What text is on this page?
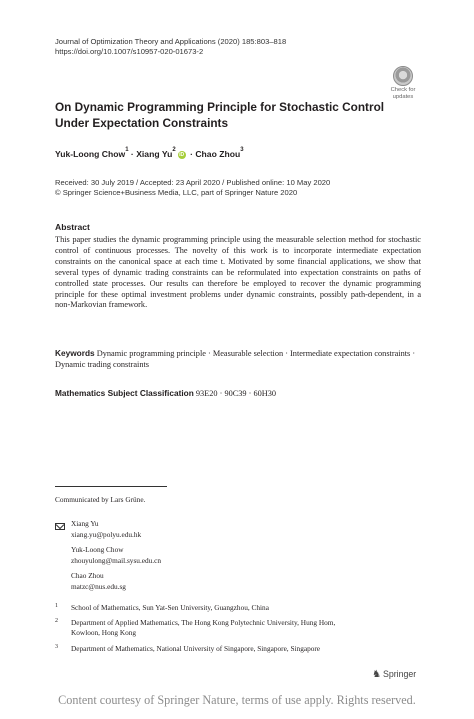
Journal of Optimization Theory and Applications (2020) 185:803–818
https://doi.org/10.1007/s10957-020-01673-2
Check for
updates
On Dynamic Programming Principle for Stochastic Control
Under Expectation Constraints
Yuk-Loong Chow$^1$ · Xiang $Yu^2iD$ · Chao Zhou$^3$
Received: 30 July 2019 / Accepted: 23 April 2020 / Published online: 10 May 2020
© Springer Science+Business Media, LLC, part of Springer Nature 2020
Abstract
This paper studies the dynamic programming principle using the measurable selection method for stochastic control of continuous processes. The novelty of this work is to incorporate intermediate expectation constraints on the canonical space at each time t. Motivated by some financial applications, we show that several types of dynamic trading constraints can be reformulated into expectation constraints on paths of controlled state processes. Our results can therefore be employed to recover the dynamic programming principle for these optimal investment problems under dynamic constraints, possibly path-dependent, in a non-Markovian framework.
Keywords Dynamic programming principle · Measurable selection · Intermediate expectation constraints · Dynamic trading constraints
Mathematics Subject Classification 93E20 · 90C39 · 60H30
Communicated by Lars Grüne.
Xiang Yu
xiang.yu@polyu.edu.hk
Yuk-Loong Chow
zhouyulong@mail.sysu.edu.cn
Chao Zhou
matzc@nus.edu.sg
1 School of Mathematics, Sun Yat-Sen University, Guangzhou, China
2 Department of Applied Mathematics, The Hong Kong Polytechnic University, Hung Hom,
Kowloon, Hong Kong
3 Department of Mathematics, National University of Singapore, Singapore, Singapore
♞ Springer
Content courtesy of Springer Nature, terms of use apply. Rights reserved.
